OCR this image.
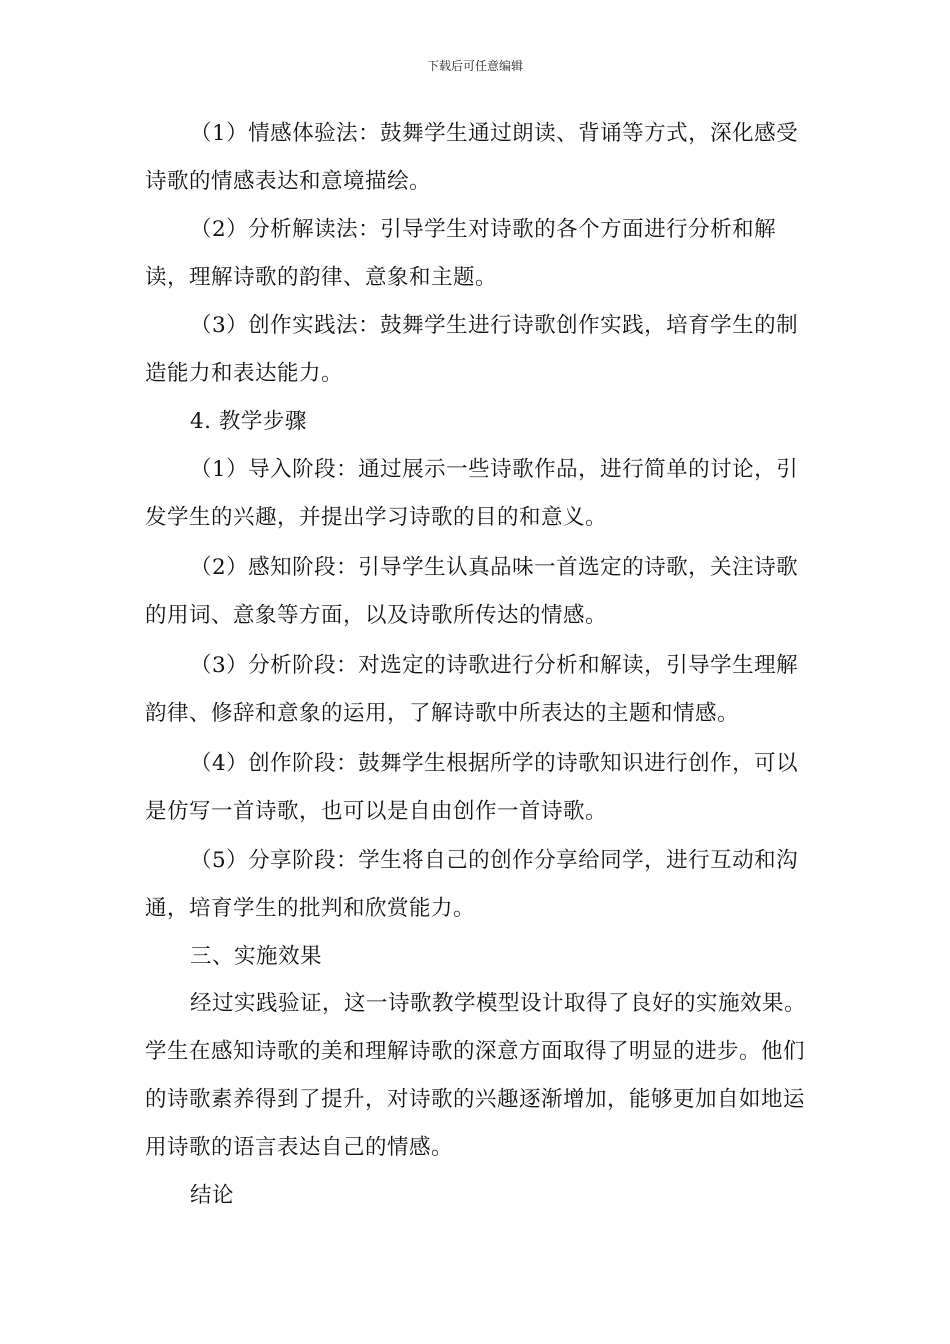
下载后可任意编辑

（1）情感体验法：鼓舞学生通过朗读、背诵等方式，深化感受诗歌的情感表达和意境描绘。

（2）分析解读法：引导学生对诗歌的各个方面进行分析和解读，理解诗歌的韵律、意象和主题。

（3）创作实践法：鼓舞学生进行诗歌创作实践，培育学生的制造能力和表达能力。

4. 教学步骤

（1）导入阶段：通过展示一些诗歌作品，进行简单的讨论，引发学生的兴趣，并提出学习诗歌的目的和意义。

（2）感知阶段：引导学生认真品味一首选定的诗歌，关注诗歌的用词、意象等方面，以及诗歌所传达的情感。

（3）分析阶段：对选定的诗歌进行分析和解读，引导学生理解韵律、修辞和意象的运用，了解诗歌中所表达的主题和情感。

（4）创作阶段：鼓舞学生根据所学的诗歌知识进行创作，可以是仿写一首诗歌，也可以是自由创作一首诗歌。

（5）分享阶段：学生将自己的创作分享给同学，进行互动和沟通，培育学生的批判和欣赏能力。

三、实施效果

经过实践验证，这一诗歌教学模型设计取得了良好的实施效果。学生在感知诗歌的美和理解诗歌的深意方面取得了明显的进步。他们的诗歌素养得到了提升，对诗歌的兴趣逐渐增加，能够更加自如地运用诗歌的语言表达自己的情感。

结论
